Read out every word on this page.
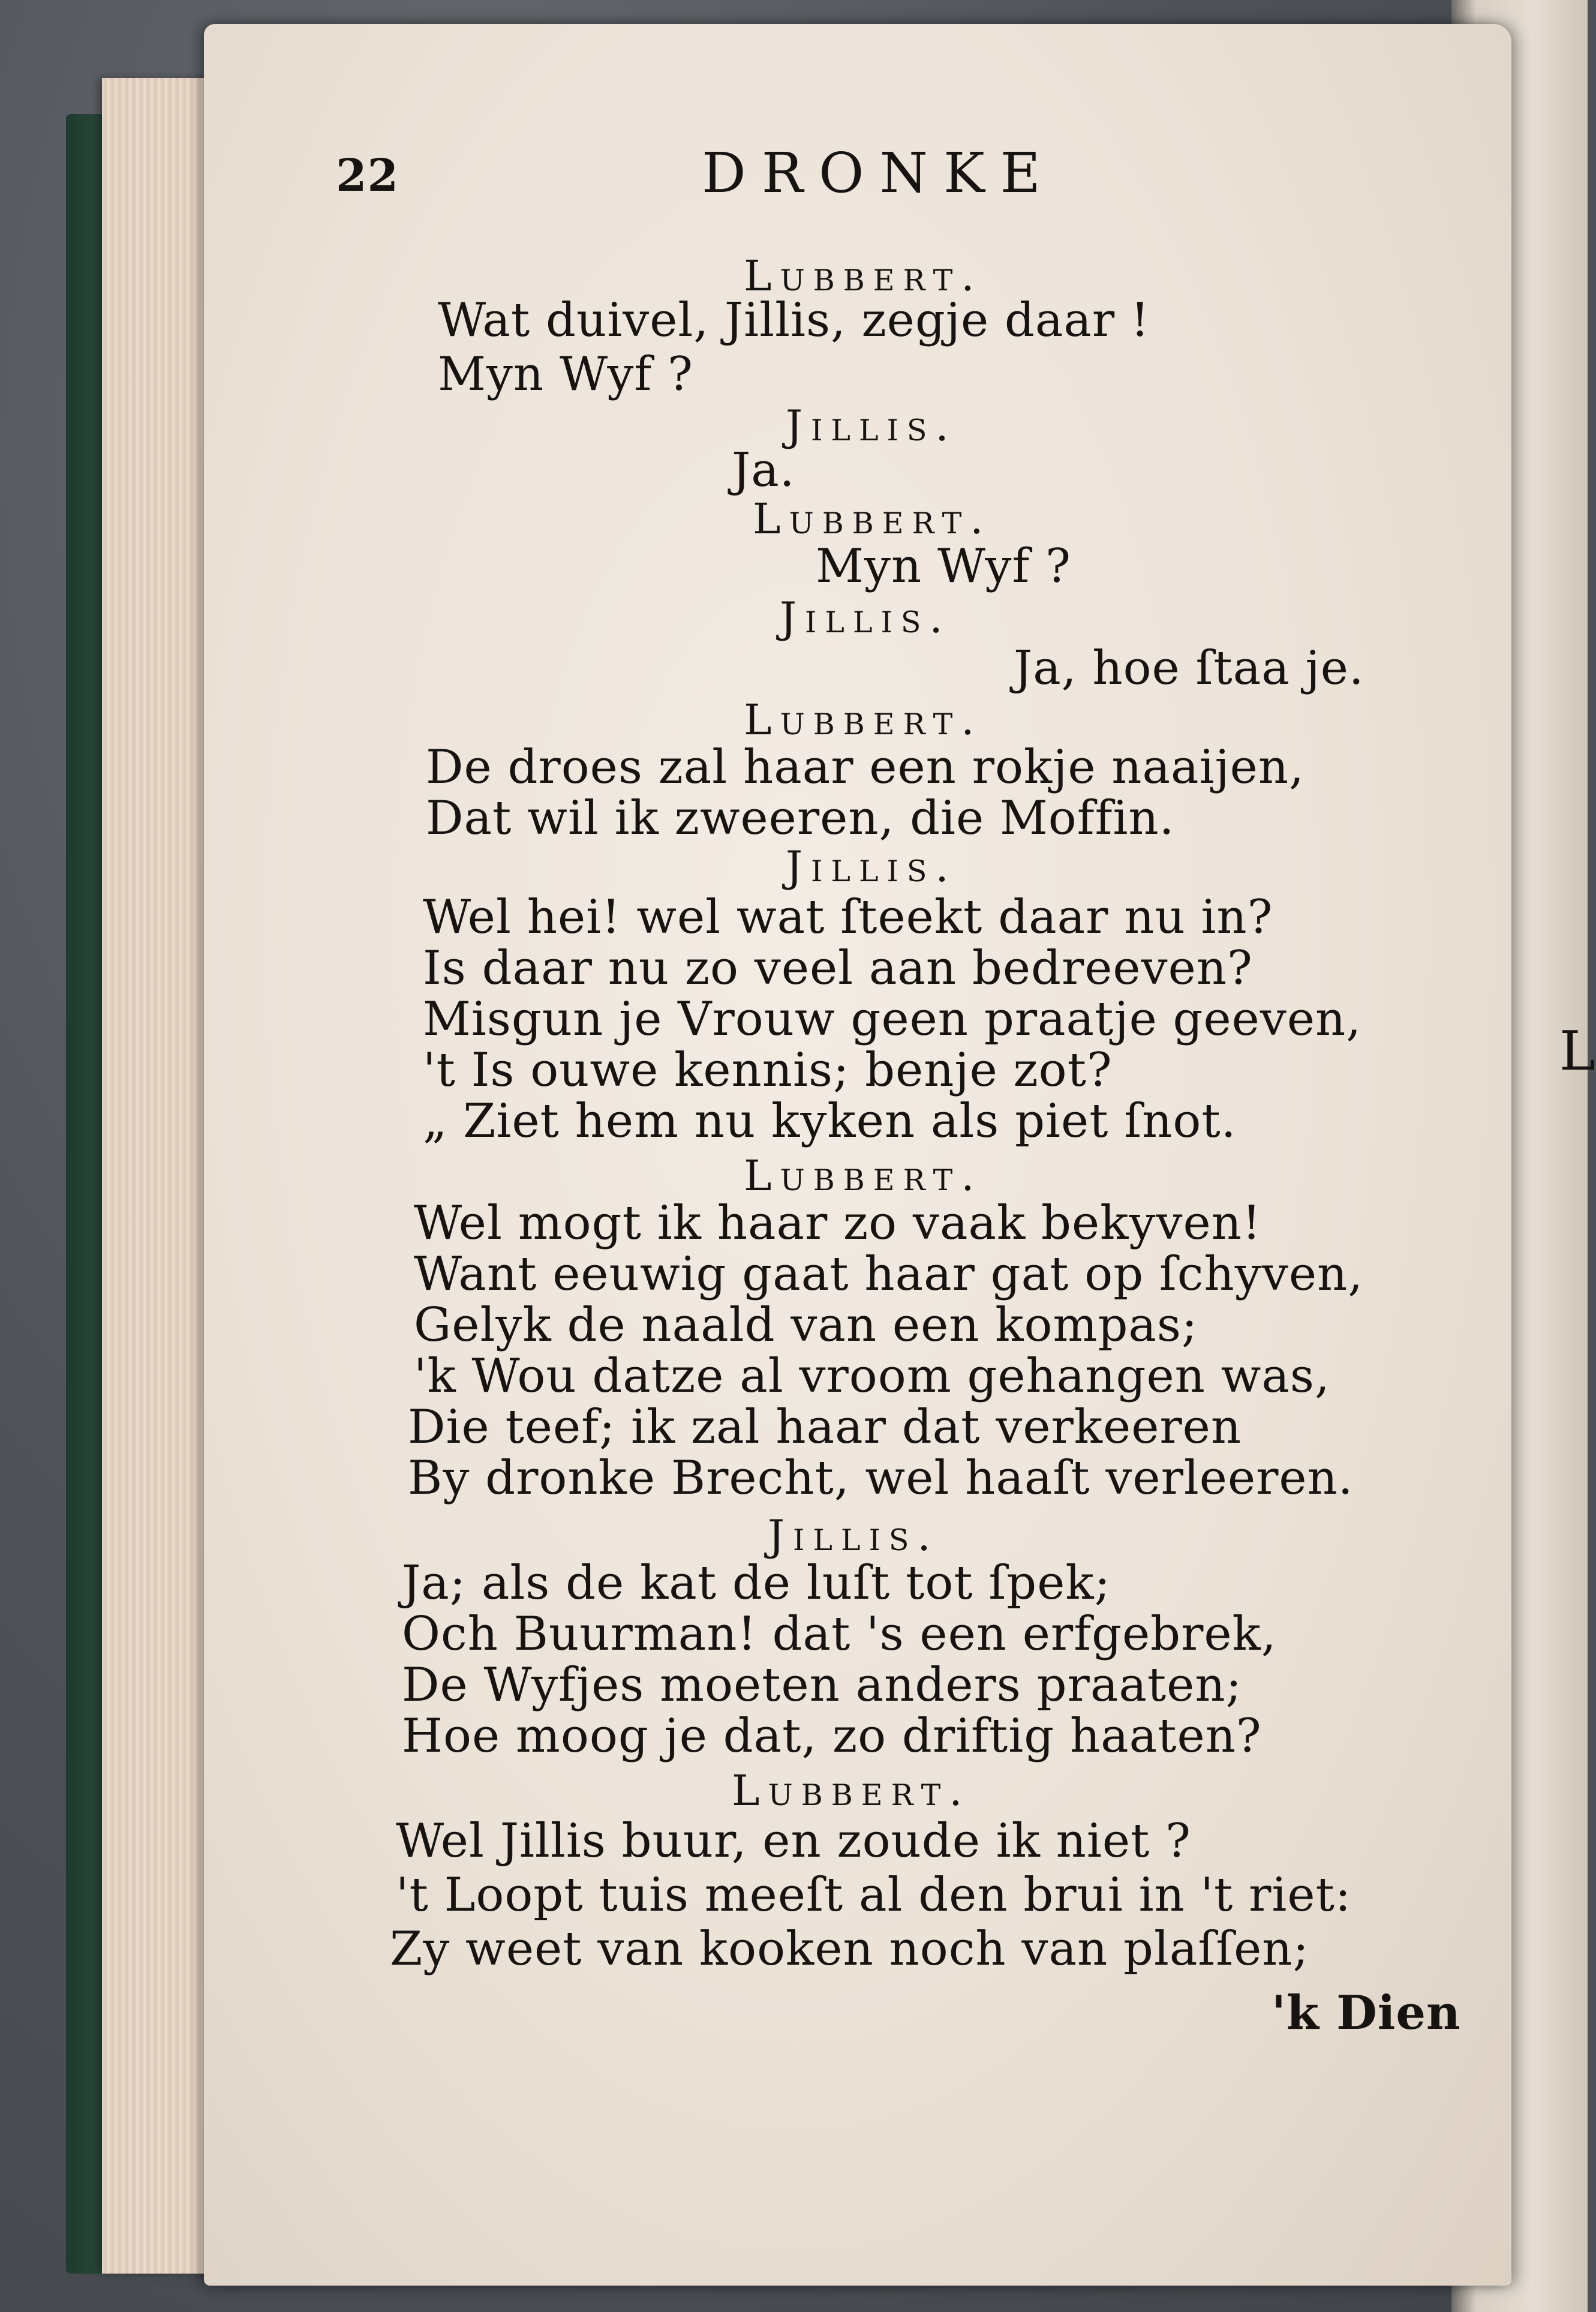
L
22	DRONKE
Lubbert.
Wat duivel, Jillis, zegje daar !
Myn Wyf ?
Jillis.
Ja.
Lubbert.
Myn Wyf ?
Jillis.
Ja, hoe ſtaa je.
Lubbert.
De droes zal haar een rokje naaijen,
Dat wil ik zweeren, die Moffin.
Jillis.
Wel hei! wel wat ſteekt daar nu in?
Is daar nu zo veel aan bedreeven?
Misgun je Vrouw geen praatje geeven,
't Is ouwe kennis; benje zot?
„ Ziet hem nu kyken als piet ſnot.
Lubbert.
Wel mogt ik haar zo vaak bekyven!
Want eeuwig gaat haar gat op ſchyven,
Gelyk de naald van een kompas;
'k Wou datze al vroom gehangen was,
Die teef; ik zal haar dat verkeeren
By dronke Brecht, wel haaſt verleeren.
Jillis.
Ja; als de kat de luſt tot ſpek;
Och Buurman! dat 's een erfgebrek,
De Wyfjes moeten anders praaten;
Hoe moog je dat, zo driftig haaten?
Lubbert.
Wel Jillis buur, en zoude ik niet ?
't Loopt tuis meeſt al den brui in 't riet:
Zy weet van kooken noch van plaſſen;
'k Dien
